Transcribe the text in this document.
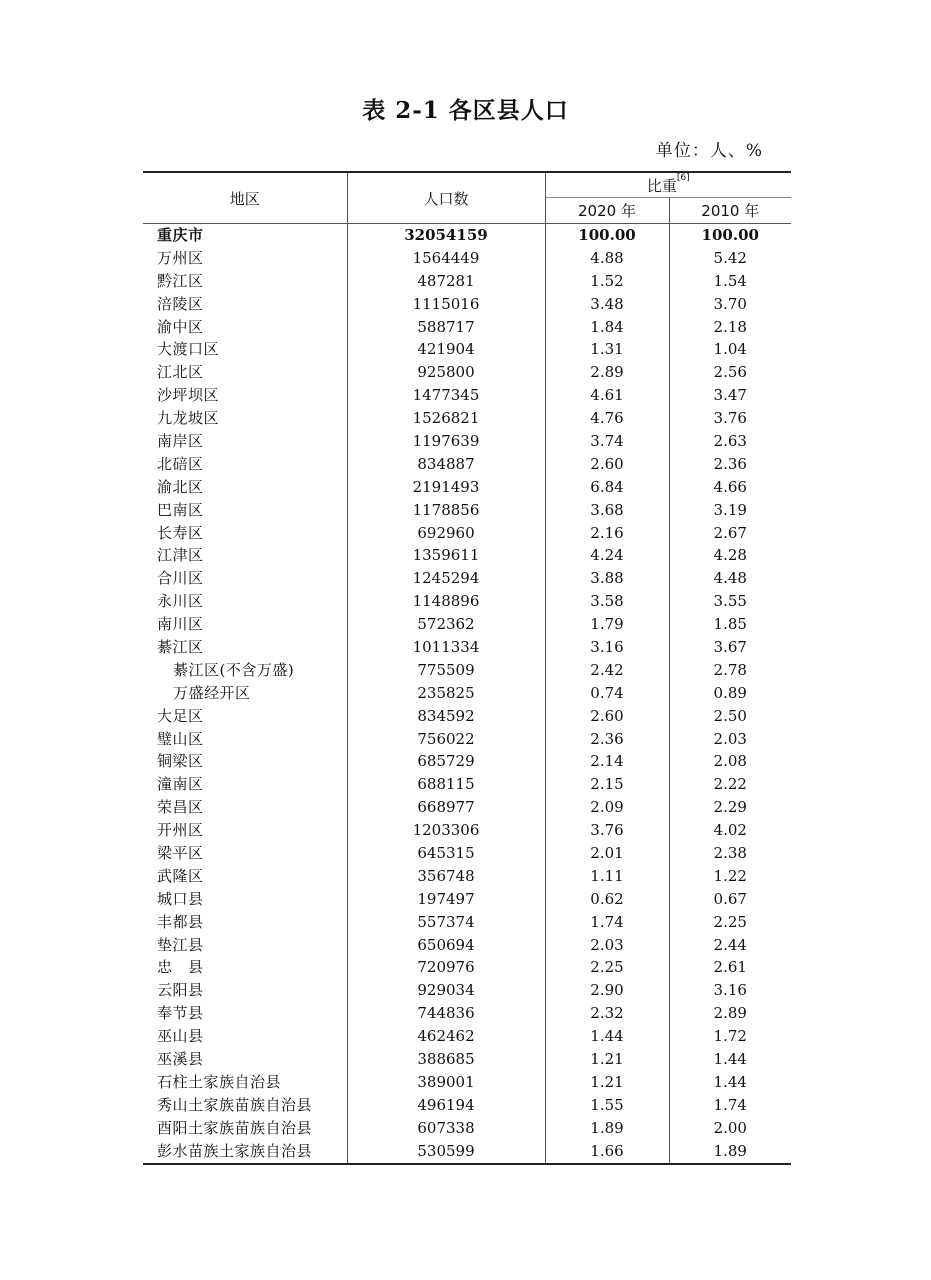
表 2-1 各区县人口
单位：人、%
地区	人口数	比重[6]
		2020 年	2010 年
重庆市	32054159	100.00	100.00
万州区	1564449	4.88	5.42
黔江区	487281	1.52	1.54
涪陵区	1115016	3.48	3.70
渝中区	588717	1.84	2.18
大渡口区	421904	1.31	1.04
江北区	925800	2.89	2.56
沙坪坝区	1477345	4.61	3.47
九龙坡区	1526821	4.76	3.76
南岸区	1197639	3.74	2.63
北碚区	834887	2.60	2.36
渝北区	2191493	6.84	4.66
巴南区	1178856	3.68	3.19
长寿区	692960	2.16	2.67
江津区	1359611	4.24	4.28
合川区	1245294	3.88	4.48
永川区	1148896	3.58	3.55
南川区	572362	1.79	1.85
綦江区	1011334	3.16	3.67
綦江区(不含万盛)	775509	2.42	2.78
万盛经开区	235825	0.74	0.89
大足区	834592	2.60	2.50
璧山区	756022	2.36	2.03
铜梁区	685729	2.14	2.08
潼南区	688115	2.15	2.22
荣昌区	668977	2.09	2.29
开州区	1203306	3.76	4.02
梁平区	645315	2.01	2.38
武隆区	356748	1.11	1.22
城口县	197497	0.62	0.67
丰都县	557374	1.74	2.25
垫江县	650694	2.03	2.44
忠　县	720976	2.25	2.61
云阳县	929034	2.90	3.16
奉节县	744836	2.32	2.89
巫山县	462462	1.44	1.72
巫溪县	388685	1.21	1.44
石柱土家族自治县	389001	1.21	1.44
秀山土家族苗族自治县	496194	1.55	1.74
酉阳土家族苗族自治县	607338	1.89	2.00
彭水苗族土家族自治县	530599	1.66	1.89
